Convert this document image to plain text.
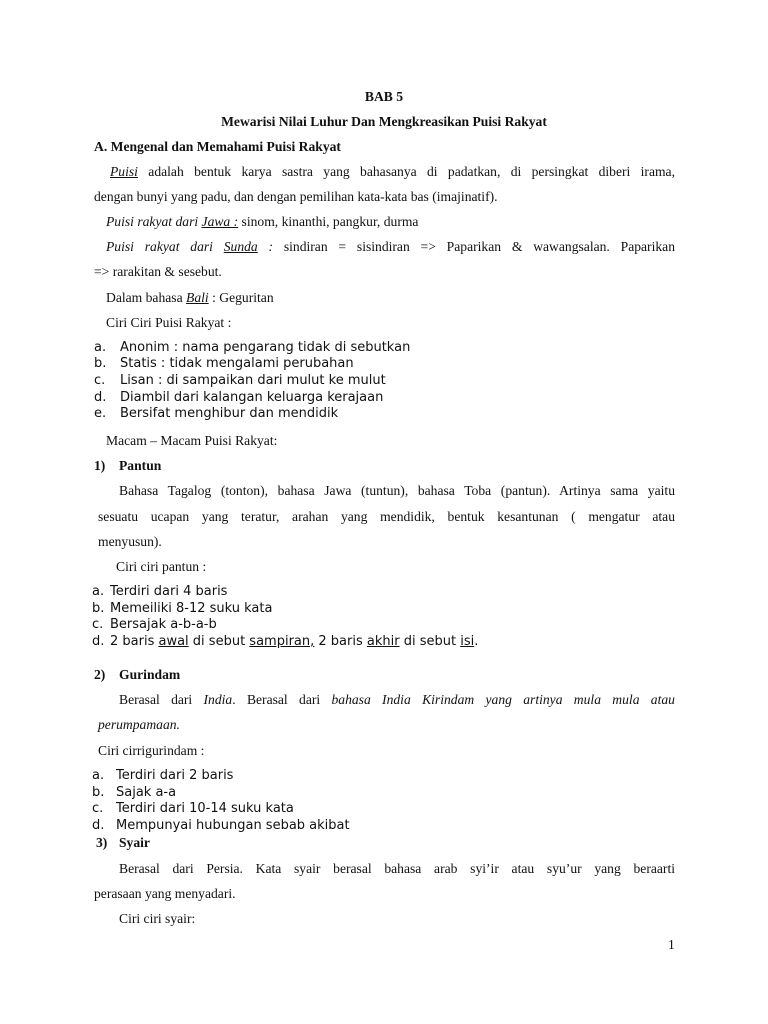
BAB 5
Mewarisi Nilai Luhur Dan Mengkreasikan Puisi Rakyat
A. Mengenal dan Memahami Puisi Rakyat
Puisi adalah bentuk karya sastra yang bahasanya di padatkan, di persingkat diberi irama,
dengan bunyi yang padu, dan dengan pemilihan kata-kata bas (imajinatif).
Puisi rakyat dari Jawa : sinom, kinanthi, pangkur, durma
Puisi rakyat dari Sunda : sindiran = sisindiran => Paparikan & wawangsalan. Paparikan
=> rarakitan & sesebut.
Dalam bahasa Bali : Geguritan
Ciri Ciri Puisi Rakyat :
a. Anonim : nama pengarang tidak di sebutkan
b. Statis : tidak mengalami perubahan
c. Lisan : di sampaikan dari mulut ke mulut
d. Diambil dari kalangan keluarga kerajaan
e. Bersifat menghibur dan mendidik
Macam – Macam Puisi Rakyat:
1) Pantun
Bahasa Tagalog (tonton), bahasa Jawa (tuntun), bahasa Toba (pantun). Artinya sama yaitu
sesuatu ucapan yang teratur, arahan yang mendidik, bentuk kesantunan ( mengatur atau
menyusun).
Ciri ciri pantun :
a. Terdiri dari 4 baris
b. Memeiliki 8-12 suku kata
c. Bersajak a-b-a-b
d. 2 baris awal di sebut sampiran, 2 baris akhir di sebut isi.
2) Gurindam
Berasal dari India. Berasal dari bahasa India Kirindam yang artinya mula mula atau
perumpamaan.
Ciri cirrigurindam :
a. Terdiri dari 2 baris
b. Sajak a-a
c. Terdiri dari 10-14 suku kata
d. Mempunyai hubungan sebab akibat
3) Syair
Berasal dari Persia. Kata syair berasal bahasa arab syi’ir atau syu’ur yang beraarti
perasaan yang menyadari.
Ciri ciri syair:
1
